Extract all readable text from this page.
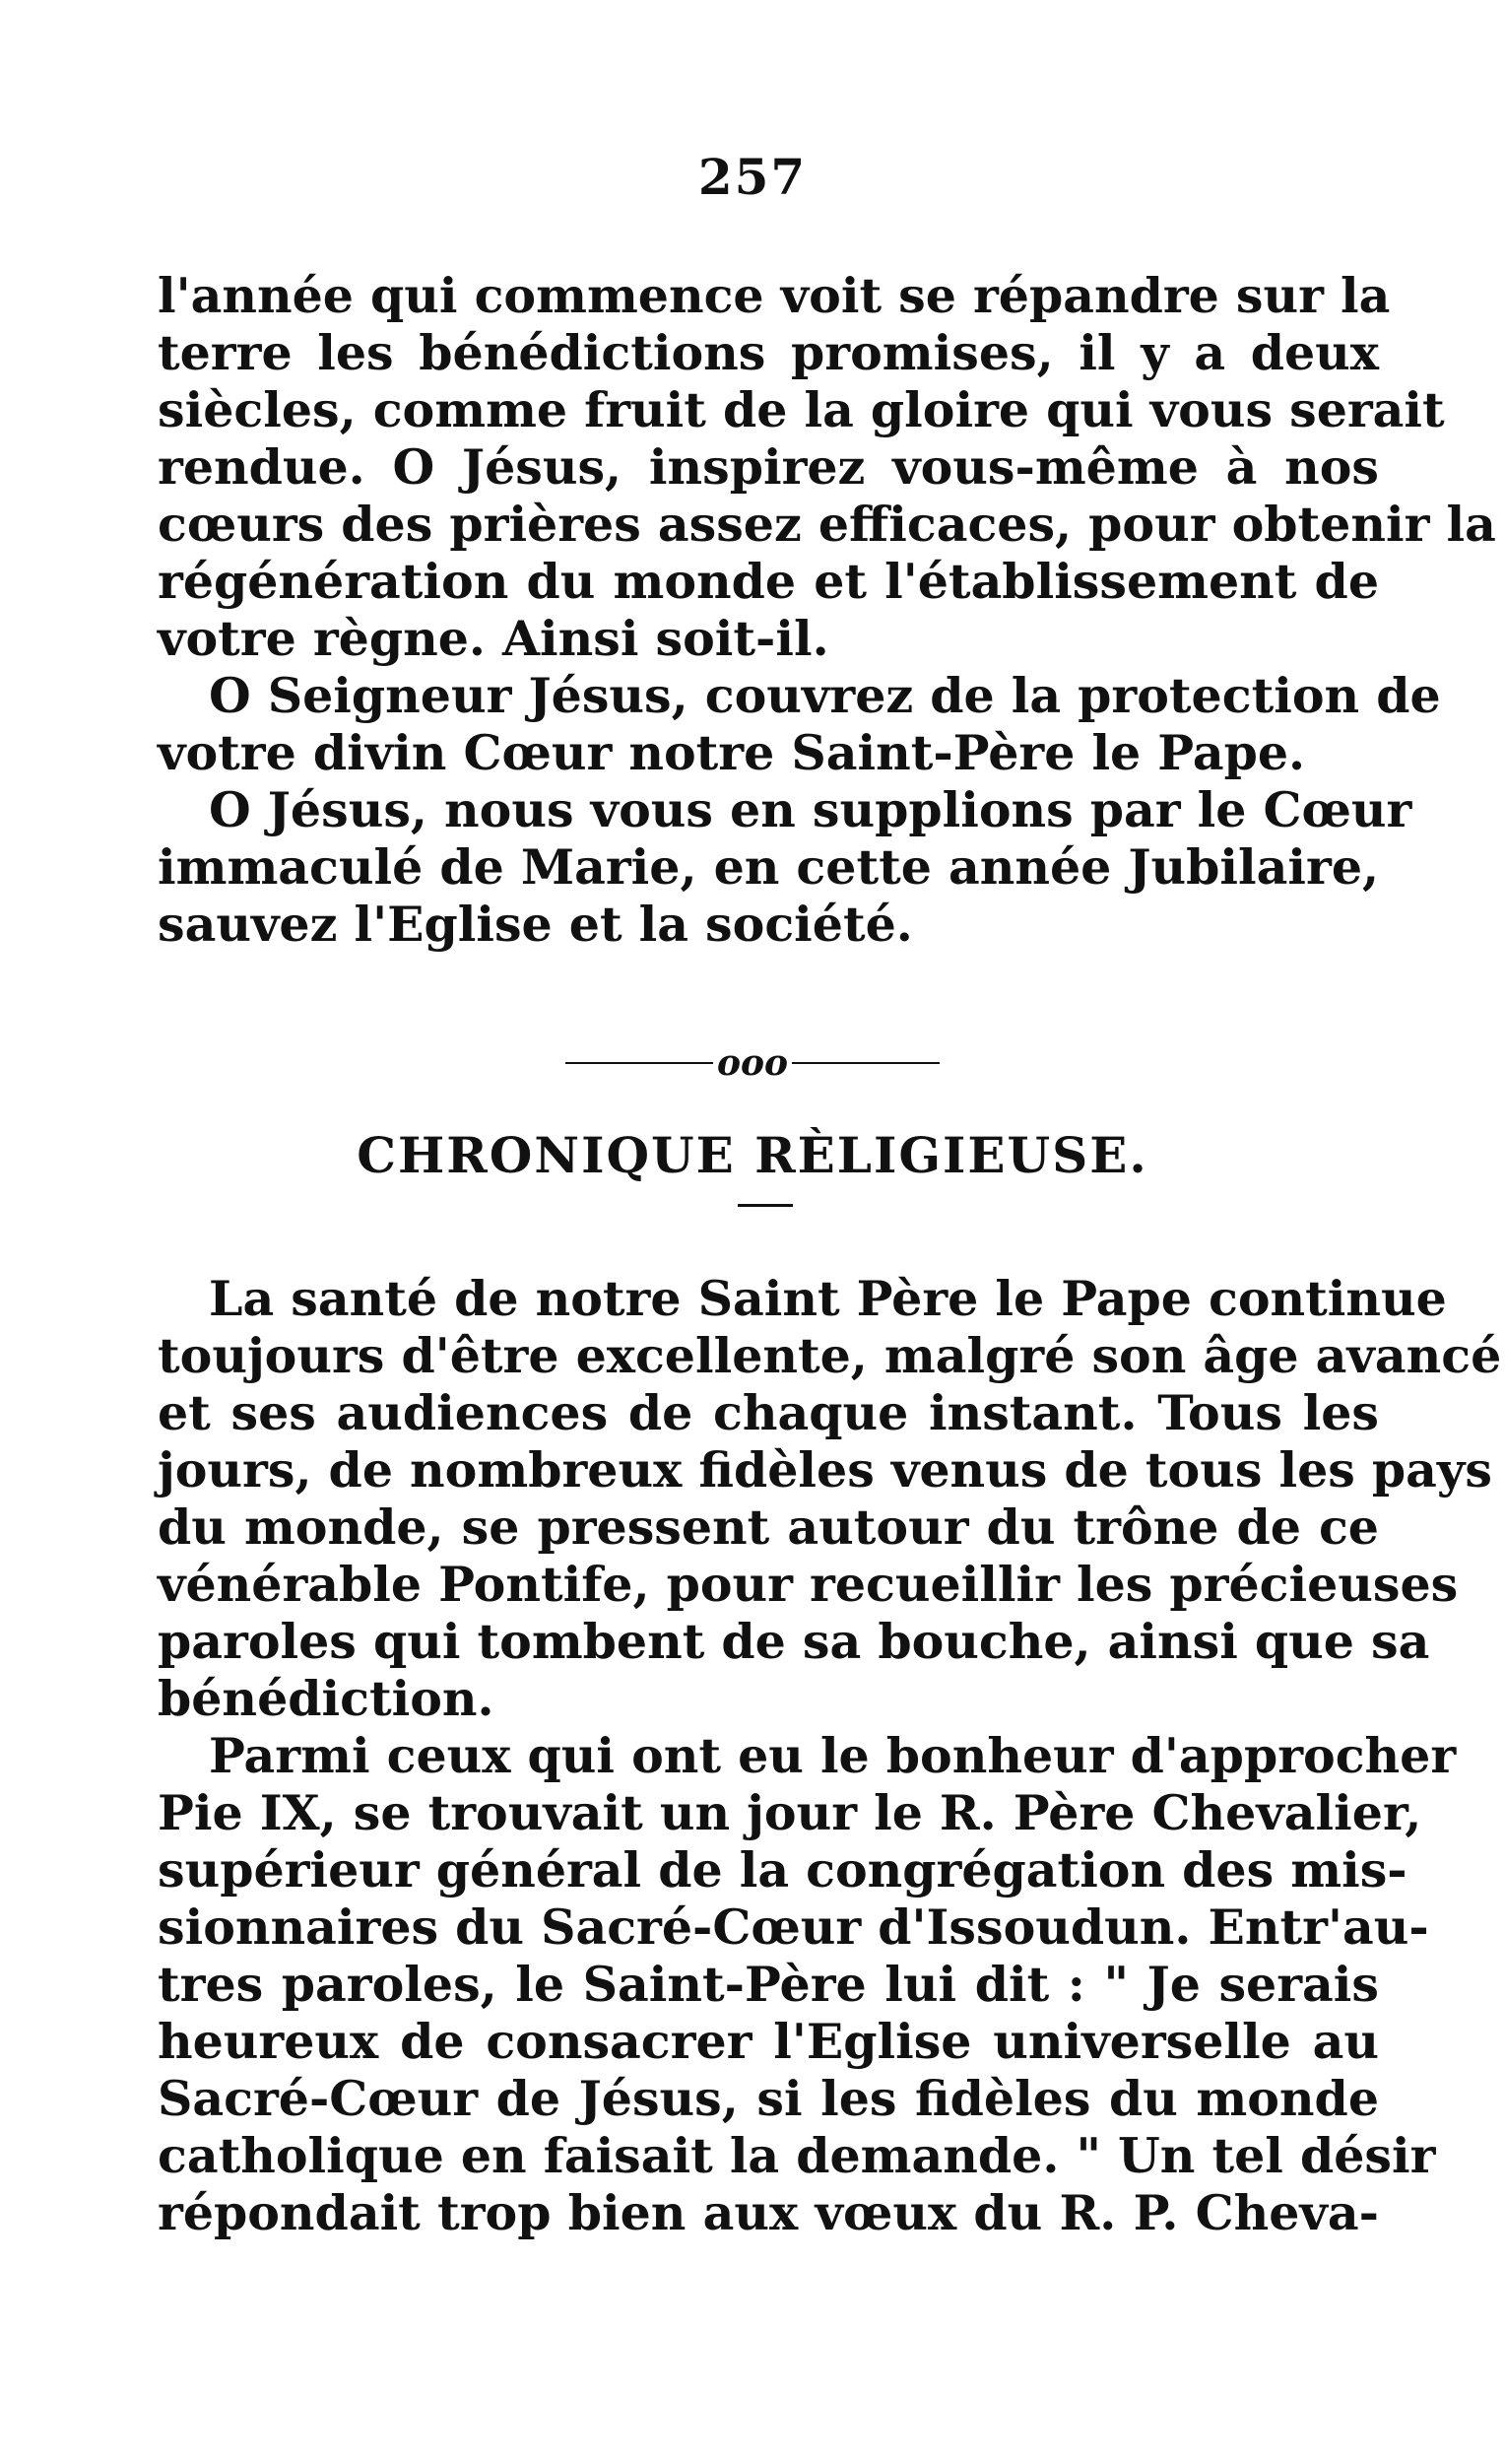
257
l'année qui commence voit se répandre sur la
terre les bénédictions promises, il y a deux
siècles, comme fruit de la gloire qui vous serait
rendue. O Jésus, inspirez vous-même à nos
cœurs des prières assez efficaces, pour obtenir la
régénération du monde et l'établissement de
votre règne. Ainsi soit-il.
O Seigneur Jésus, couvrez de la protection de
votre divin Cœur notre Saint-Père le Pape.
O Jésus, nous vous en supplions par le Cœur
immaculé de Marie, en cette année Jubilaire,
sauvez l'Eglise et la société.
ooo
CHRONIQUE RÈLIGIEUSE.
La santé de notre Saint Père le Pape continue
toujours d'être excellente, malgré son âge avancé
et ses audiences de chaque instant. Tous les
jours, de nombreux fidèles venus de tous les pays
du monde, se pressent autour du trône de ce
vénérable Pontife, pour recueillir les précieuses
paroles qui tombent de sa bouche, ainsi que sa
bénédiction.
Parmi ceux qui ont eu le bonheur d'approcher
Pie IX, se trouvait un jour le R. Père Chevalier,
supérieur général de la congrégation des mis-
sionnaires du Sacré-Cœur d'Issoudun. Entr'au-
tres paroles, le Saint-Père lui dit : " Je serais
heureux de consacrer l'Eglise universelle au
Sacré-Cœur de Jésus, si les fidèles du monde
catholique en faisait la demande. " Un tel désir
répondait trop bien aux vœux du R. P. Cheva-
